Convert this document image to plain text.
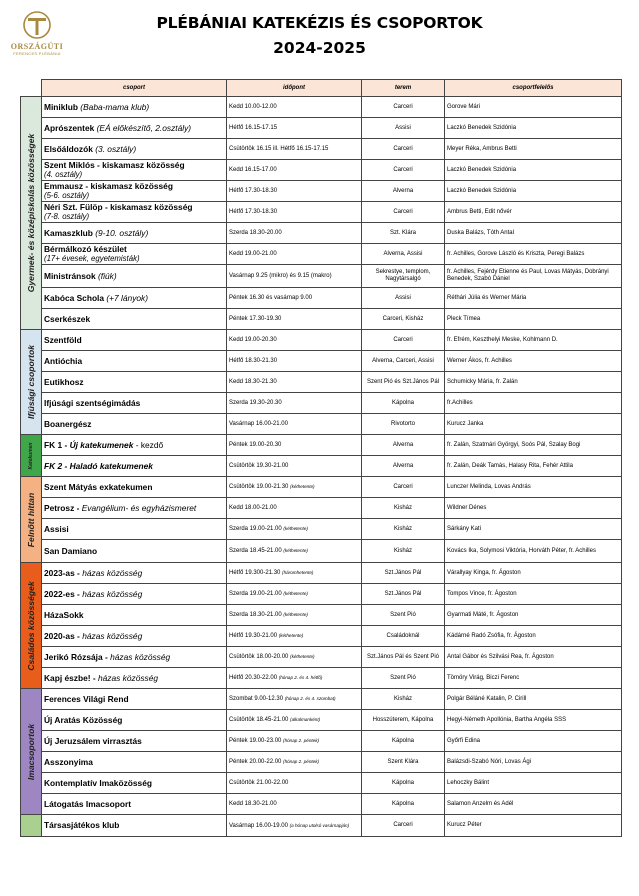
ORSZÁGÚTI
FERENCES PLÉBÁNIA
PLÉBÁNIAI KATEKÉZIS ÉS CSOPORTOK
2024-2025
	csoport	időpont	terem	csoportfelelős

Gyermek- és középiskolás közösségek	Miniklub (Baba-mama klub)	Kedd 10.00-12.00	Carceri	Gorove Mári
	Aprószentek (EÁ előkészítő, 2.osztály)	Hétfő 16.15-17.15	Assisi	Laczkó Benedek Szidónia
	Elsőáldozók (3. osztály)	Csütörtök 16.15 ill. Hétfő 16.15-17.15	Carceri	Meyer Réka, Ambrus Betti
	Szent Miklós - kiskamasz közösség
(4. osztály)	Kedd 16.15-17.00	Carceri	Laczkó Benedek Szidónia
	Emmausz - kiskamasz közösség
(5-6. osztály)	Hétfő 17.30-18.30	Alverna	Laczkó Benedek Szidónia
	Néri Szt. Fülöp - kiskamasz közösség
(7-8. osztály)	Hétfő 17.30-18.30	Carceri	Ambrus Betti, Edit nővér
	Kamaszklub (9-10. osztály)	Szerda 18.30-20.00	Szt. Klára	Duska Balázs, Tóth Antal
	Bérmálkozó készület
(17+ évesek, egyetemisták)	Kedd 19.00-21.00	Alverna, Assisi	fr. Achilles, Gorove László és Kriszta, Peregi Balázs
	Ministránsok (fiúk)	Vasárnap 9.25 (mikro) és 9.15 (makro)	Sekrestye, templom, Nagytársalgó	fr. Achilles, Fejérdy Etienne és Paul, Lovas Mátyás, Dobrányi Benedek, Szabó Dániel
	Kabóca Schola (+7 lányok)	Péntek 16.30 és vasárnap 9.00	Assisi	Réthári Júlia és Werner Mária
	Cserkészek	Péntek 17.30-19.30	Carceri, Kisház	Pleck Tímea

Ifjúsági csoportok	Szentföld	Kedd 19.00-20.30	Carceri	fr. Efrém, Keszthelyi Meske, Kohlmann D.
	Antióchia	Hétfő 18.30-21.30	Alverna, Carceri, Assisi	Werner Ákos, fr. Achilles
	Eutikhosz	Kedd 18.30-21.30	Szent Pió és Szt.János Pál	Schumicky Mária, fr. Zalán
	Ifjúsági szentségimádás	Szerda 19.30-20.30	Kápolna	fr.Achilles
	Boanergész	Vasárnap 16.00-21.00	Rivotorto	Kurucz Janka

Katekumen	FK 1 - Új katekumenek - kezdő	Péntek 19.00-20.30	Alverna	fr. Zalán, Szatmári Györgyi, Soós Pál, Szalay Bogi
	FK 2 - Haladó katekumenek	Csütörtök 19.30-21.00	Alverna	fr. Zalán, Deák Tamás, Halasy Rita, Fehér Attila

Felnőtt hittan	Szent Mátyás exkatekumen	Csütörtök 19.00-21.30 (kéthetente)	Carceri	Lunczer Melinda, Lovas András
	Petrosz - Evangélium- és egyházismeret	Kedd 18.00-21.00	Kisház	Wildner Dénes
	Assisi	Szerda 19.00-21.00 (kéthetente)	Kisház	Sárkány Kati
	San Damiano	Szerda 18.45-21.00 (kéthetente)	Kisház	Kovács Ika, Solymosi Viktória, Horváth Péter, fr. Achilles

Családos közösségek	2023-as - házas közösség	Hétfő 19.300-21.30 (háromhetente)	Szt.János Pál	Várallyay Kinga, fr. Ágoston
	2022-es - házas közösség	Szerda 19.00-21.00 (kéthetente)	Szt.János Pál	Tompos Vince, fr. Ágoston
	HázaSokk	Szerda 18.30-21.00 (kéthetente)	Szent Pió	Gyarmati Máté, fr. Ágoston
	2020-as - házas közösség	Hétfő 19.30-21.00 (kéthetente)	Családoknál	Kádárné Radó Zsófia, fr. Ágoston
	Jerikó Rózsája - házas közösség	Csütörtök 18.00-20.00 (kéthetente)	Szt.János Pál és Szent Pió	Antal Gábor és Szilvási Rea, fr. Ágoston
	Kapj észbe! - házas közösség	Hétfő 20.30-22.00 (hónap 2. és 4. hétfő)	Szent Pió	Tömöry Virág, Biczi Ferenc

Imacsoportok	Ferences Világi Rend	Szombat 9.00-12.30 (hónap 2. és 4. szombat)	Kisház	Polgár Béláné Katalin, P. Cirill
	Új Aratás Közösség	Csütörtök 18.45-21.00 (alkalmanként)	Hosszúterem, Kápolna	Hegyi-Németh Apollónia, Bartha Angéla SSS
	Új Jeruzsálem virrasztás	Péntek 19.00-23.00 (hónap 2. péntek)	Kápolna	Győrfi Edina
	Asszonyima	Péntek 20.00-22.00 (hónap 2. péntek)	Szent Klára	Balázsdi-Szabó Nóri, Lovas Ági
	Kontemplatív Imaközösség	Csütörtök 21.00-22.00	Kápolna	Lehoczky Bálint
	Látogatás Imacsoport	Kedd 18.30-21.00	Kápolna	Salamon Anzelm és Adél

	Társasjátékos klub	Vasárnap 16.00-19.00 (a hónap utolsó vasárnapján)	Carceri	Kurucz Péter
